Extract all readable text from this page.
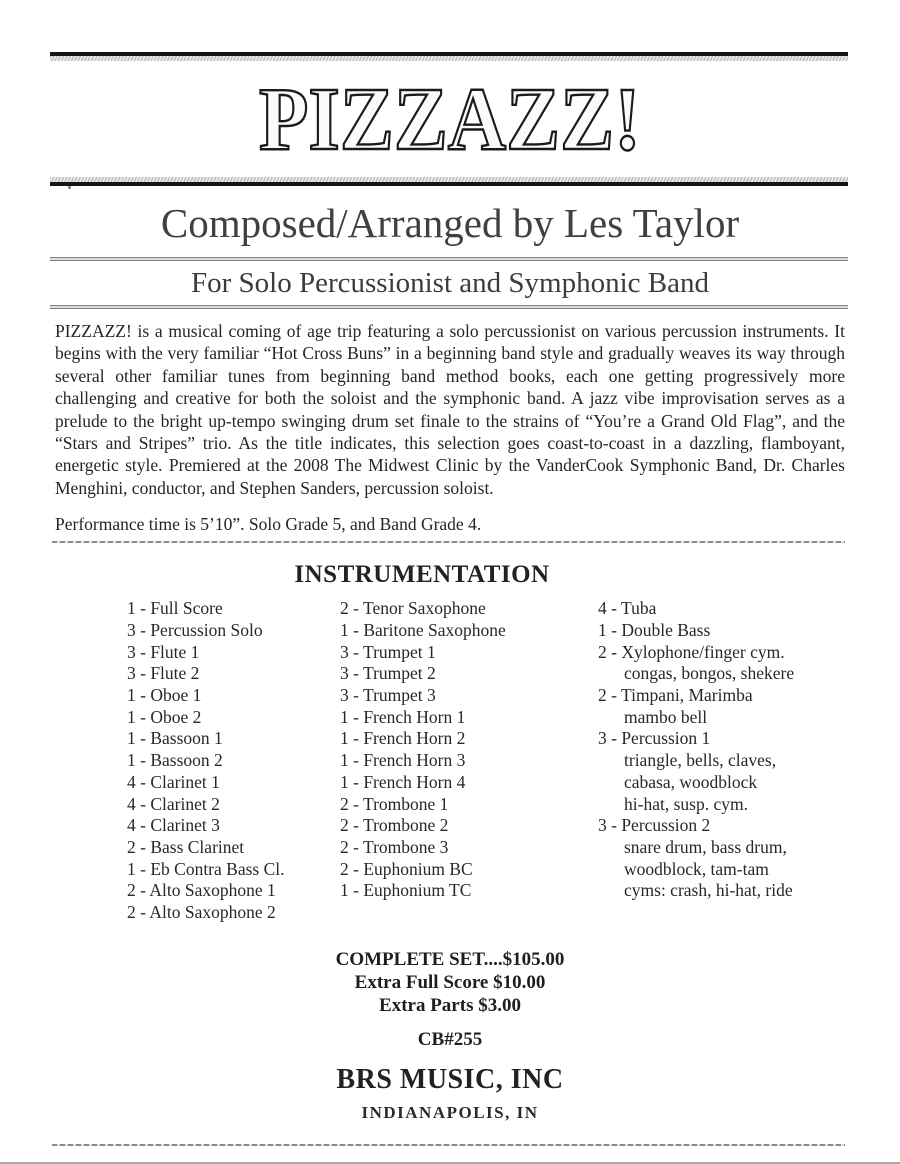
PIZZAZZ!
Composed/Arranged by Les Taylor
For Solo Percussionist and Symphonic Band

PIZZAZZ! is a musical coming of age trip featuring a solo percussionist on various percussion instruments. It begins with the very familiar “Hot Cross Buns” in a beginning band style and gradually weaves its way through several other familiar tunes from beginning band method books, each one getting progressively more challenging and creative for both the soloist and the symphonic band. A jazz vibe improvisation serves as a prelude to the bright up-tempo swinging drum set finale to the strains of “You’re a Grand Old Flag”, and the “Stars and Stripes” trio. As the title indicates, this selection goes coast-to-coast in a dazzling, flamboyant, energetic style. Premiered at the 2008 The Midwest Clinic by the VanderCook Symphonic Band, Dr. Charles Menghini, conductor, and Stephen Sanders, percussion soloist.

Performance time is 5’10”. Solo Grade 5, and Band Grade 4.
INSTRUMENTATION
1 - Full Score
3 - Percussion Solo
3 - Flute 1
3 - Flute 2
1 - Oboe 1
1 - Oboe 2
1 - Bassoon 1
1 - Bassoon 2
4 - Clarinet 1
4 - Clarinet 2
4 - Clarinet 3
2 - Bass Clarinet
1 - Eb Contra Bass Cl.
2 - Alto Saxophone 1
2 - Alto Saxophone 2
2 - Tenor Saxophone
1 - Baritone Saxophone
3 - Trumpet 1
3 - Trumpet 2
3 - Trumpet 3
1 - French Horn 1
1 - French Horn 2
1 - French Horn 3
1 - French Horn 4
2 - Trombone 1
2 - Trombone 2
2 - Trombone 3
2 - Euphonium BC
1 - Euphonium TC
4 - Tuba
1 - Double Bass
2 - Xylophone/finger cym.
congas, bongos, shekere
2 - Timpani, Marimba
mambo bell
3 - Percussion 1
triangle, bells, claves,
cabasa, woodblock
hi-hat, susp. cym.
3 - Percussion 2
snare drum, bass drum,
woodblock, tam-tam
cyms: crash, hi-hat, ride
COMPLETE SET....$105.00
Extra Full Score $10.00
Extra Parts $3.00
CB#255
BRS MUSIC, INC
INDIANAPOLIS, IN
